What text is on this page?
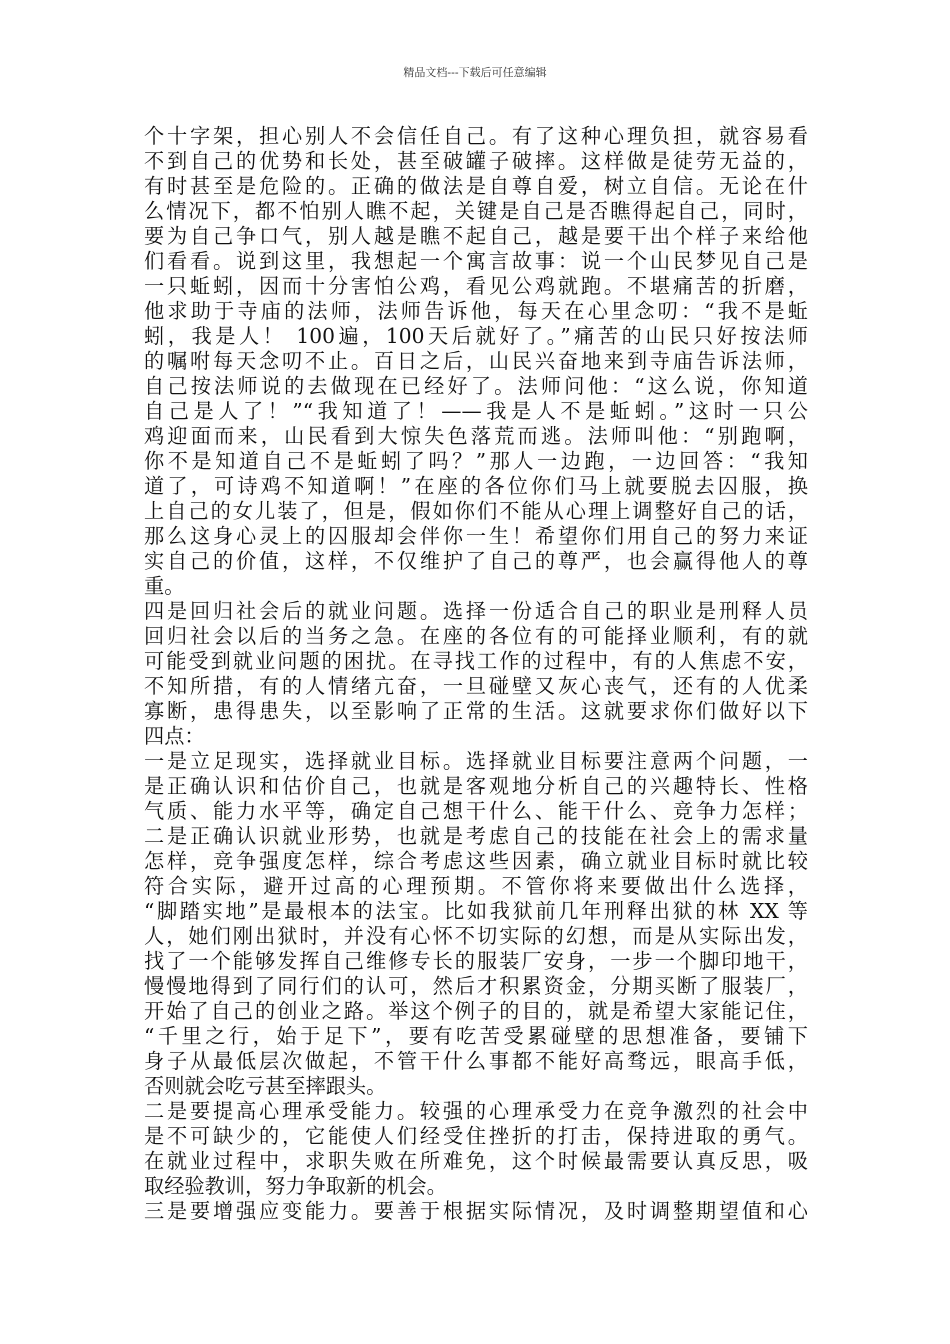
精品文档---下载后可任意编辑
个十字架，担心别人不会信任自己。有了这种心理负担，就容易看
不到自己的优势和长处，甚至破罐子破摔。这样做是徒劳无益的，
有时甚至是危险的。正确的做法是自尊自爱，树立自信。无论在什
么情况下，都不怕别人瞧不起，关键是自己是否瞧得起自己，同时，
要为自己争口气，别人越是瞧不起自己，越是要干出个样子来给他
们看看。说到这里，我想起一个寓言故事：说一个山民梦见自己是
一只蚯蚓，因而十分害怕公鸡，看见公鸡就跑。不堪痛苦的折磨，
他求助于寺庙的法师，法师告诉他，每天在心里念叨：“我不是蚯
蚓，我是人！ 100遍，100天后就好了。”痛苦的山民只好按法师
的嘱咐每天念叨不止。百日之后，山民兴奋地来到寺庙告诉法师，
自己按法师说的去做现在已经好了。法师问他：“这么说，你知道
自己是人了！”“我知道了！——我是人不是蚯蚓。”这时一只公
鸡迎面而来，山民看到大惊失色落荒而逃。法师叫他：“别跑啊，
你不是知道自己不是蚯蚓了吗？”那人一边跑，一边回答：“我知
道了，可诗鸡不知道啊！”在座的各位你们马上就要脱去囚服，换
上自己的女儿装了，但是，假如你们不能从心理上调整好自己的话，
那么这身心灵上的囚服却会伴你一生！希望你们用自己的努力来证
实自己的价值，这样，不仅维护了自己的尊严，也会赢得他人的尊
重。
四是回归社会后的就业问题。选择一份适合自己的职业是刑释人员
回归社会以后的当务之急。在座的各位有的可能择业顺利，有的就
可能受到就业问题的困扰。在寻找工作的过程中，有的人焦虑不安，
不知所措，有的人情绪亢奋，一旦碰壁又灰心丧气，还有的人优柔
寡断，患得患失，以至影响了正常的生活。这就要求你们做好以下
四点：
一是立足现实，选择就业目标。选择就业目标要注意两个问题，一
是正确认识和估价自己，也就是客观地分析自己的兴趣特长、性格
气质、能力水平等，确定自己想干什么、能干什么、竞争力怎样；
二是正确认识就业形势，也就是考虑自己的技能在社会上的需求量
怎样，竞争强度怎样，综合考虑这些因素，确立就业目标时就比较
符合实际，避开过高的心理预期。不管你将来要做出什么选择，
“脚踏实地”是最根本的法宝。比如我狱前几年刑释出狱的林 XX 等
人，她们刚出狱时，并没有心怀不切实际的幻想，而是从实际出发，
找了一个能够发挥自己维修专长的服装厂安身，一步一个脚印地干，
慢慢地得到了同行们的认可，然后才积累资金，分期买断了服装厂，
开始了自己的创业之路。举这个例子的目的，就是希望大家能记住，
“千里之行，始于足下”，要有吃苦受累碰壁的思想准备，要铺下
身子从最低层次做起，不管干什么事都不能好高骛远，眼高手低，
否则就会吃亏甚至摔跟头。
二是要提高心理承受能力。较强的心理承受力在竞争激烈的社会中
是不可缺少的，它能使人们经受住挫折的打击，保持进取的勇气。
在就业过程中，求职失败在所难免，这个时候最需要认真反思，吸
取经验教训，努力争取新的机会。
三是要增强应变能力。要善于根据实际情况，及时调整期望值和心
